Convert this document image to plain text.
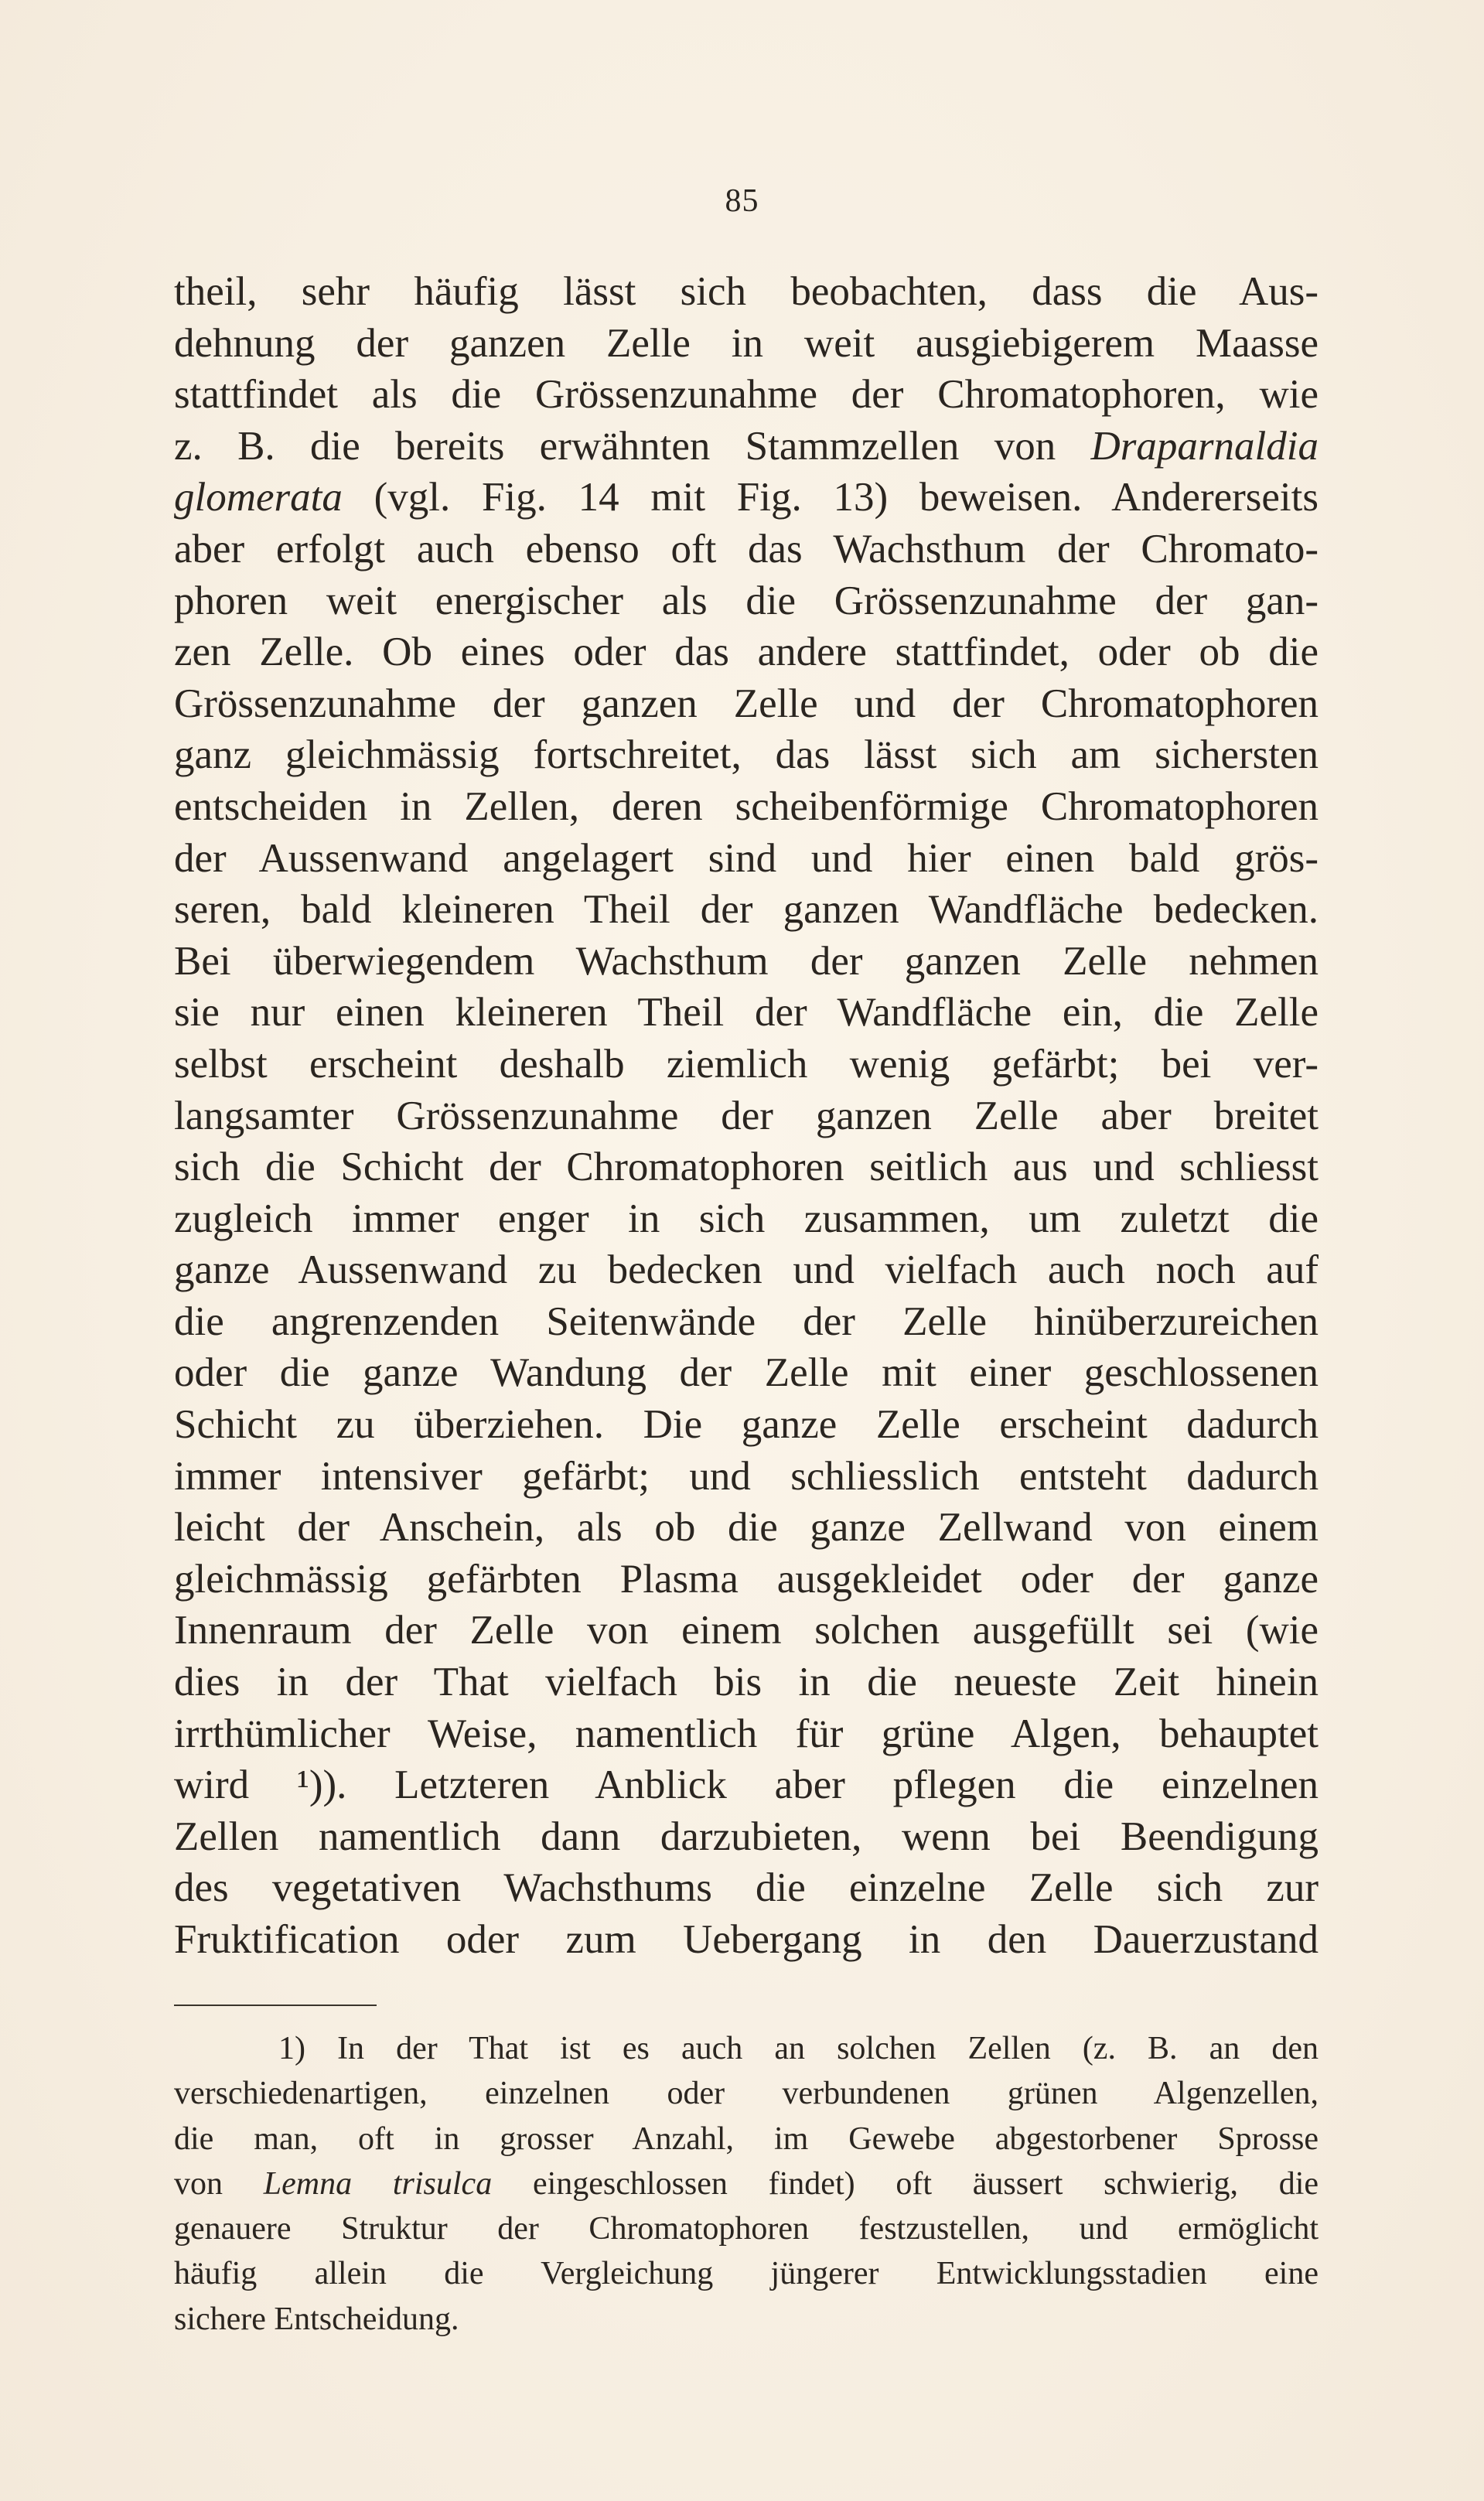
85
theil, sehr häufig lässt sich beobachten, dass die Aus-
dehnung der ganzen Zelle in weit ausgiebigerem Maasse
stattfindet als die Grössenzunahme der Chromatophoren, wie
z. B. die bereits erwähnten Stammzellen von Draparnaldia
glomerata (vgl. Fig. 14 mit Fig. 13) beweisen. Andererseits
aber erfolgt auch ebenso oft das Wachsthum der Chromato-
phoren weit energischer als die Grössenzunahme der gan-
zen Zelle. Ob eines oder das andere stattfindet, oder ob die
Grössenzunahme der ganzen Zelle und der Chromatophoren
ganz gleichmässig fortschreitet, das lässt sich am sichersten
entscheiden in Zellen, deren scheibenförmige Chromatophoren
der Aussenwand angelagert sind und hier einen bald grös-
seren, bald kleineren Theil der ganzen Wandfläche bedecken.
Bei überwiegendem Wachsthum der ganzen Zelle nehmen
sie nur einen kleineren Theil der Wandfläche ein, die Zelle
selbst erscheint deshalb ziemlich wenig gefärbt; bei ver-
langsamter Grössenzunahme der ganzen Zelle aber breitet
sich die Schicht der Chromatophoren seitlich aus und schliesst
zugleich immer enger in sich zusammen, um zuletzt die
ganze Aussenwand zu bedecken und vielfach auch noch auf
die angrenzenden Seitenwände der Zelle hinüberzureichen
oder die ganze Wandung der Zelle mit einer geschlossenen
Schicht zu überziehen. Die ganze Zelle erscheint dadurch
immer intensiver gefärbt; und schliesslich entsteht dadurch
leicht der Anschein, als ob die ganze Zellwand von einem
gleichmässig gefärbten Plasma ausgekleidet oder der ganze
Innenraum der Zelle von einem solchen ausgefüllt sei (wie
dies in der That vielfach bis in die neueste Zeit hinein
irrthümlicher Weise, namentlich für grüne Algen, behauptet
wird ¹)). Letzteren Anblick aber pflegen die einzelnen
Zellen namentlich dann darzubieten, wenn bei Beendigung
des vegetativen Wachsthums die einzelne Zelle sich zur
Fruktification oder zum Uebergang in den Dauerzustand
1) In der That ist es auch an solchen Zellen (z. B. an den
verschiedenartigen, einzelnen oder verbundenen grünen Algenzellen,
die man, oft in grosser Anzahl, im Gewebe abgestorbener Sprosse
von Lemna trisulca eingeschlossen findet) oft äussert schwierig, die
genauere Struktur der Chromatophoren festzustellen, und ermöglicht
häufig allein die Vergleichung jüngerer Entwicklungsstadien eine
sichere Entscheidung.
